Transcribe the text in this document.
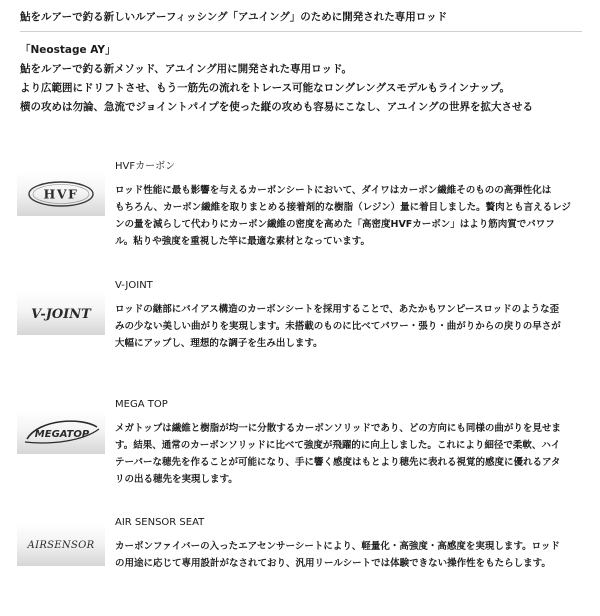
鮎をルアーで釣る新しいルアーフィッシング「アユイング」のために開発された専用ロッド
「Neostage AY」
鮎をルアーで釣る新メソッド、アユイング用に開発された専用ロッド。
より広範囲にドリフトさせ、もう一筋先の流れをトレース可能なロングレングスモデルもラインナップ。
横の攻めは勿論、急流でジョイントパイプを使った縦の攻めも容易にこなし、アユイングの世界を拡大させる
HVF
HVFカーボン
ロッド性能に最も影響を与えるカーボンシートにおいて、ダイワはカーボン繊維そのものの高弾性化は
もちろん、カーボン繊維を取りまとめる接着剤的な樹脂（レジン）量に着目しました。贅肉とも言えるレジ
ンの量を減らして代わりにカーボン繊維の密度を高めた「高密度HVFカーボン」はより筋肉質でパワフ
ル。粘りや強度を重視した竿に最適な素材となっています。
V-JOINT
V-JOINT
ロッドの継部にバイアス構造のカーボンシートを採用することで、あたかもワンピースロッドのような歪
みの少ない美しい曲がりを実現します。未搭載のものに比べてパワー・張り・曲がりからの戻りの早さが
大幅にアップし、理想的な調子を生み出します。
MEGATOP
MEGA TOP
メガトップは繊維と樹脂が均一に分散するカーボンソリッドであり、どの方向にも同様の曲がりを見せま
す。結果、通常のカーボンソリッドに比べて強度が飛躍的に向上しました。これにより細径で柔軟、ハイ
テーパーな穂先を作ることが可能になり、手に響く感度はもとより穂先に表れる視覚的感度に優れるアタ
リの出る穂先を実現します。
AIRSENSOR
AIR SENSOR SEAT
カーボンファイバーの入ったエアセンサーシートにより、軽量化・高強度・高感度を実現します。ロッド
の用途に応じて専用設計がなされており、汎用リールシートでは体験できない操作性をもたらします。
